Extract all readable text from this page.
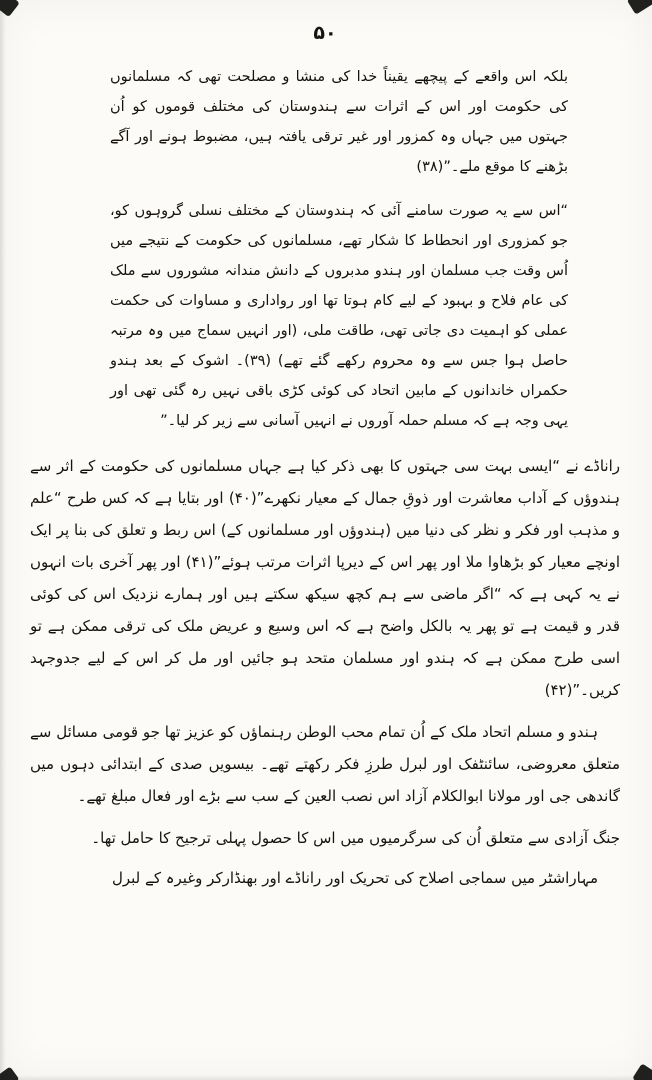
۵۰
بلکہ اس واقعے کے پیچھے یقیناً خدا کی منشا و مصلحت تھی کہ مسلمانوں کی حکومت اور اس کے اثرات سے ہندوستان کی مختلف قوموں کو اُن جہتوں میں جہاں وہ کمزور اور غیر ترقی یافتہ ہیں، مضبوط ہونے اور آگے بڑھنے کا موقع ملے۔”(۳۸)
“اس سے یہ صورت سامنے آئی کہ ہندوستان کے مختلف نسلی گروہوں کو، جو کمزوری اور انحطاط کا شکار تھے، مسلمانوں کی حکومت کے نتیجے میں اُس وقت جب مسلمان اور ہندو مدبروں کے دانش مندانہ مشوروں سے ملک کی عام فلاح و بہبود کے لیے کام ہوتا تھا اور رواداری و مساوات کی حکمت عملی کو اہمیت دی جاتی تھی، طاقت ملی، (اور انہیں سماج میں وہ مرتبہ حاصل ہوا جس سے وہ محروم رکھے گئے تھے) (۳۹)۔ اشوک کے بعد ہندو حکمراں خاندانوں کے مابین اتحاد کی کوئی کڑی باقی نہیں رہ گئی تھی اور یہی وجہ ہے کہ مسلم حملہ آوروں نے انہیں آسانی سے زیر کر لیا۔”

راناڈے نے “ایسی بہت سی جہتوں کا بھی ذکر کیا ہے جہاں مسلمانوں کی حکومت کے اثر سے ہندوؤں کے آداب معاشرت اور ذوقِ جمال کے معیار نکھرے”(۴۰) اور بتایا ہے کہ کس طرح “علم و مذہب اور فکر و نظر کی دنیا میں (ہندوؤں اور مسلمانوں کے) اس ربط و تعلق کی بنا پر ایک اونچے معیار کو بڑھاوا ملا اور پھر اس کے دیرپا اثرات مرتب ہوئے”(۴۱) اور پھر آخری بات انہوں نے یہ کہی ہے کہ “اگر ماضی سے ہم کچھ سیکھ سکتے ہیں اور ہمارے نزدیک اس کی کوئی قدر و قیمت ہے تو پھر یہ بالکل واضح ہے کہ اس وسیع و عریض ملک کی ترقی ممکن ہے تو اسی طرح ممکن ہے کہ ہندو اور مسلمان متحد ہو جائیں اور مل کر اس کے لیے جدوجہد کریں۔”(۴۲)

ہندو و مسلم اتحاد ملک کے اُن تمام محب الوطن رہنماؤں کو عزیز تھا جو قومی مسائل سے متعلق معروضی، سائنٹفک اور لبرل طرزِ فکر رکھتے تھے۔ بیسویں صدی کے ابتدائی دہوں میں گاندھی جی اور مولانا ابوالکلام آزاد اس نصب العین کے سب سے بڑے اور فعال مبلغ تھے۔

جنگ آزادی سے متعلق اُن کی سرگرمیوں میں اس کا حصول پہلی ترجیح کا حامل تھا۔

مہاراشٹر میں سماجی اصلاح کی تحریک اور راناڈے اور بھنڈارکر وغیرہ کے لبرل
